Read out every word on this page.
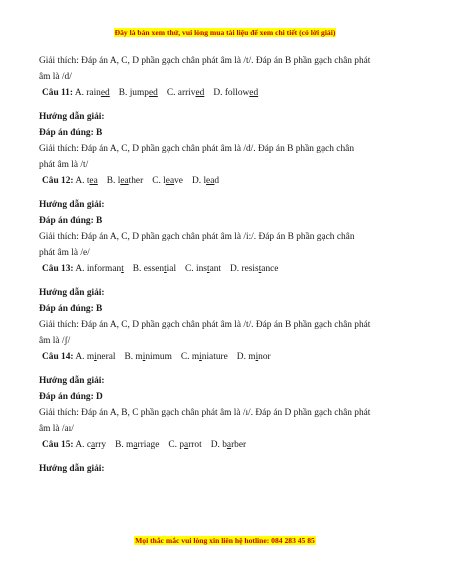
Đây là bản xem thử, vui lòng mua tài liệu để xem chi tiết (có lời giải)
Giải thích: Đáp án A, C, D phần gạch chân phát âm là /t/. Đáp án B phần gạch chân phát
âm là /d/
Câu 11: A. rained B. jumped C. arrived D. followed
Hướng dẫn giải:
Đáp án đúng: B
Giải thích: Đáp án A, C, D phần gạch chân phát âm là /d/. Đáp án B phần gạch chân
phát âm là /t/
Câu 12: A. tea B. leather C. leave D. lead
Hướng dẫn giải:
Đáp án đúng: B
Giải thích: Đáp án A, C, D phần gạch chân phát âm là /i:/. Đáp án B phần gạch chân
phát âm là /e/
Câu 13: A. informant B. essential C. instant D. resistance
Hướng dẫn giải:
Đáp án đúng: B
Giải thích: Đáp án A, C, D phần gạch chân phát âm là /t/. Đáp án B phần gạch chân phát
âm là /ʃ/
Câu 14: A. mineral B. minimum C. miniature D. minor
Hướng dẫn giải:
Đáp án đúng: D
Giải thích: Đáp án A, B, C phần gạch chân phát âm là /ı/. Đáp án D phần gạch chân phát
âm là /aı/
Câu 15: A. carry B. marriage C. parrot D. barber
Hướng dẫn giải:
Mọi thắc mắc vui lòng xin liên hệ hotline: 084 283 45 85
